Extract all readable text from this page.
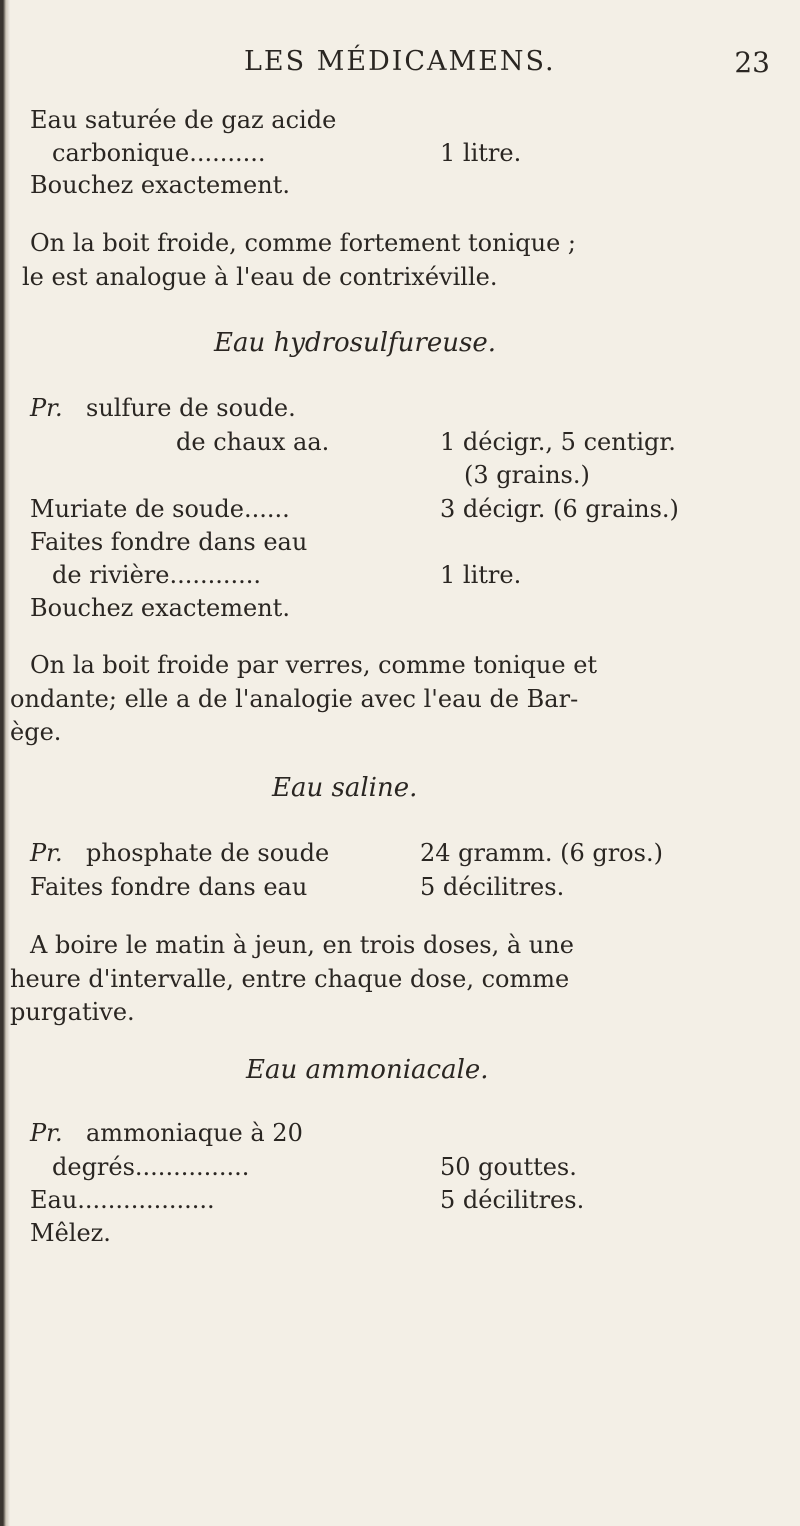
LES MÉDICAMENS.	23
Eau saturée de gaz acide
carbonique..........	1 litre.
Bouchez exactement.
On la boit froide, comme fortement tonique ;
le est analogue à l'eau de contrixéville.
Eau hydrosulfureuse.
Pr. sulfure de soude.
de chaux aa.	1 décigr., 5 centigr.
(3 grains.)
Muriate de soude......	3 décigr. (6 grains.)
Faites fondre dans eau
de rivière............	1 litre.
Bouchez exactement.
On la boit froide par verres, comme tonique et
ondante; elle a de l'analogie avec l'eau de Bar-
ège.
Eau saline.
Pr. phosphate de soude	24 gramm. (6 gros.)
Faites fondre dans eau	5 décilitres.
A boire le matin à jeun, en trois doses, à une
heure d'intervalle, entre chaque dose, comme
purgative.
Eau ammoniacale.
Pr. ammoniaque à 20
degrés...............	50 gouttes.
Eau..................	5 décilitres.
Mêlez.
